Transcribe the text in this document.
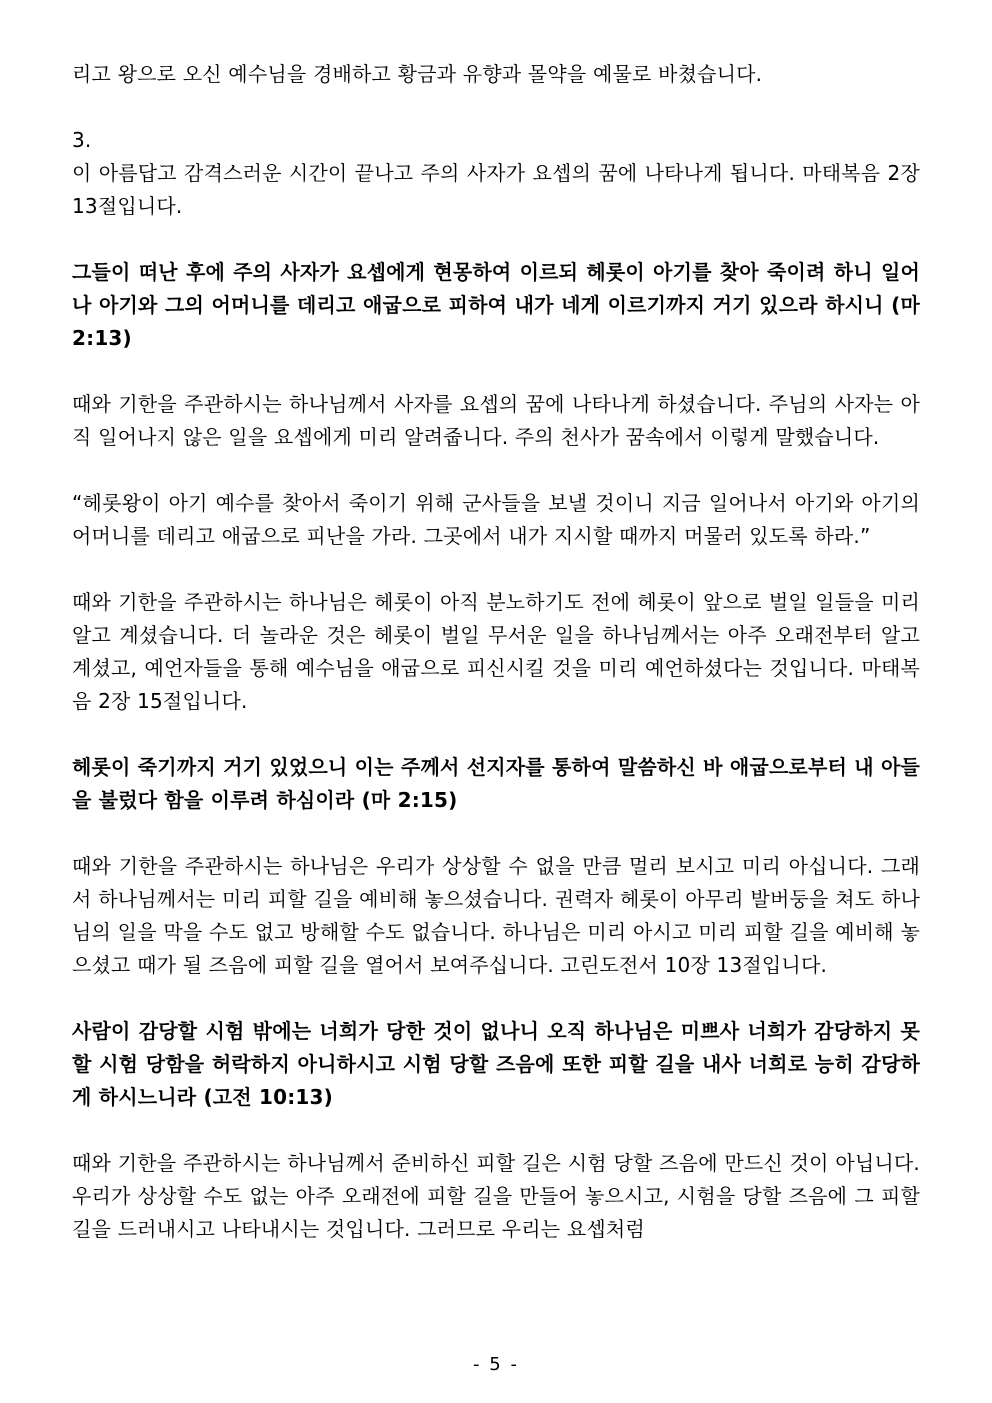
리고 왕으로 오신 예수님을 경배하고 황금과 유향과 몰약을 예물로 바쳤습니다.

3.

이 아름답고 감격스러운 시간이 끝나고 주의 사자가 요셉의 꿈에 나타나게 됩니다. 마태복음 2장 13절입니다.

그들이 떠난 후에 주의 사자가 요셉에게 현몽하여 이르되 헤롯이 아기를 찾아 죽이려 하니 일어나 아기와 그의 어머니를 데리고 애굽으로 피하여 내가 네게 이르기까지 거기 있으라 하시니 (마 2:13)

때와 기한을 주관하시는 하나님께서 사자를 요셉의 꿈에 나타나게 하셨습니다. 주님의 사자는 아직 일어나지 않은 일을 요셉에게 미리 알려줍니다. 주의 천사가 꿈속에서 이렇게 말했습니다.

“헤롯왕이 아기 예수를 찾아서 죽이기 위해 군사들을 보낼 것이니 지금 일어나서 아기와 아기의 어머니를 데리고 애굽으로 피난을 가라. 그곳에서 내가 지시할 때까지 머물러 있도록 하라.”

때와 기한을 주관하시는 하나님은 헤롯이 아직 분노하기도 전에 헤롯이 앞으로 벌일 일들을 미리 알고 계셨습니다. 더 놀라운 것은 헤롯이 벌일 무서운 일을 하나님께서는 아주 오래전부터 알고 계셨고, 예언자들을 통해 예수님을 애굽으로 피신시킬 것을 미리 예언하셨다는 것입니다. 마태복음 2장 15절입니다.

헤롯이 죽기까지 거기 있었으니 이는 주께서 선지자를 통하여 말씀하신 바 애굽으로부터 내 아들을 불렀다 함을 이루려 하심이라 (마 2:15)

때와 기한을 주관하시는 하나님은 우리가 상상할 수 없을 만큼 멀리 보시고 미리 아십니다. 그래서 하나님께서는 미리 피할 길을 예비해 놓으셨습니다. 권력자 헤롯이 아무리 발버둥을 쳐도 하나님의 일을 막을 수도 없고 방해할 수도 없습니다. 하나님은 미리 아시고 미리 피할 길을 예비해 놓으셨고 때가 될 즈음에 피할 길을 열어서 보여주십니다. 고린도전서 10장 13절입니다.

사람이 감당할 시험 밖에는 너희가 당한 것이 없나니 오직 하나님은 미쁘사 너희가 감당하지 못할 시험 당함을 허락하지 아니하시고 시험 당할 즈음에 또한 피할 길을 내사 너희로 능히 감당하게 하시느니라 (고전 10:13)

때와 기한을 주관하시는 하나님께서 준비하신 피할 길은 시험 당할 즈음에 만드신 것이 아닙니다. 우리가 상상할 수도 없는 아주 오래전에 피할 길을 만들어 놓으시고, 시험을 당할 즈음에 그 피할 길을 드러내시고 나타내시는 것입니다. 그러므로 우리는 요셉처럼

- 5 -
